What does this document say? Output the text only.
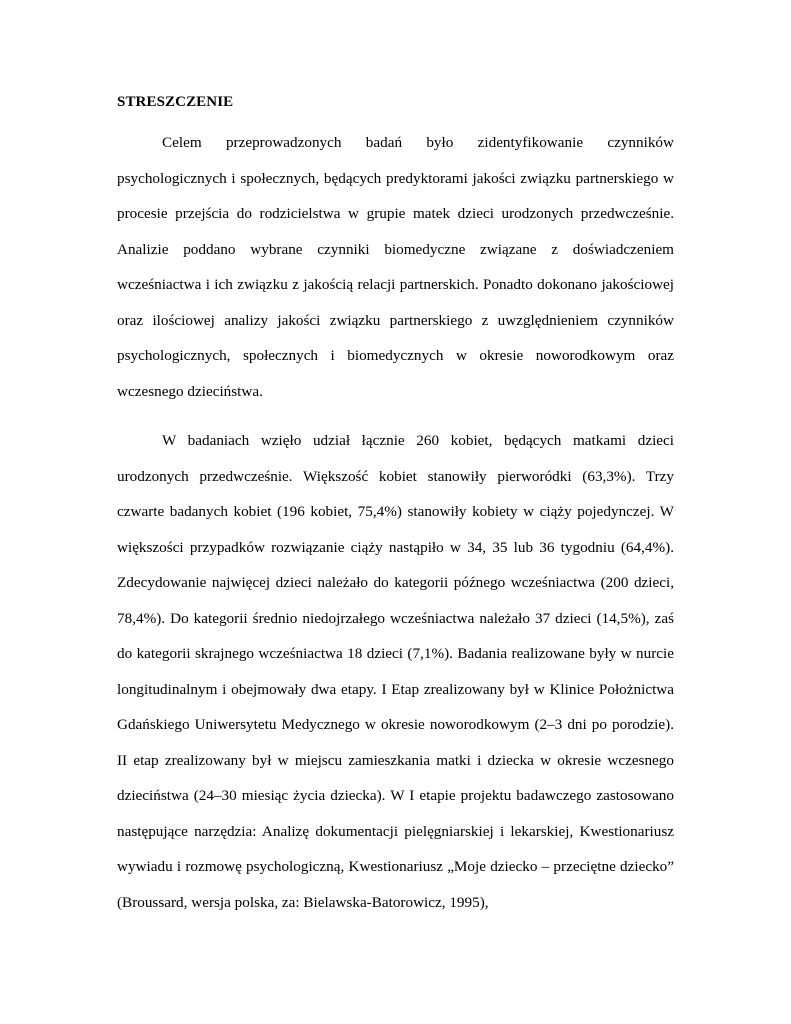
STRESZCZENIE

Celem przeprowadzonych badań było zidentyfikowanie czynników psychologicznych i społecznych, będących predyktorami jakości związku partnerskiego w procesie przejścia do rodzicielstwa w grupie matek dzieci urodzonych przedwcześnie. Analizie poddano wybrane czynniki biomedyczne związane z doświadczeniem wcześniactwa i ich związku z jakością relacji partnerskich. Ponadto dokonano jakościowej oraz ilościowej analizy jakości związku partnerskiego z uwzględnieniem czynników psychologicznych, społecznych i biomedycznych w okresie noworodkowym oraz wczesnego dzieciństwa.

W badaniach wzięło udział łącznie 260 kobiet, będących matkami dzieci urodzonych przedwcześnie. Większość kobiet stanowiły pierworódki (63,3%). Trzy czwarte badanych kobiet (196 kobiet, 75,4%) stanowiły kobiety w ciąży pojedynczej. W większości przypadków rozwiązanie ciąży nastąpiło w 34, 35 lub 36 tygodniu (64,4%). Zdecydowanie najwięcej dzieci należało do kategorii późnego wcześniactwa (200 dzieci, 78,4%). Do kategorii średnio niedojrzałego wcześniactwa należało 37 dzieci (14,5%), zaś do kategorii skrajnego wcześniactwa 18 dzieci (7,1%). Badania realizowane były w nurcie longitudinalnym i obejmowały dwa etapy. I Etap zrealizowany był w Klinice Położnictwa Gdańskiego Uniwersytetu Medycznego w okresie noworodkowym (2–3 dni po porodzie). II etap zrealizowany był w miejscu zamieszkania matki i dziecka w okresie wczesnego dzieciństwa (24–30 miesiąc życia dziecka). W I etapie projektu badawczego zastosowano następujące narzędzia: Analizę dokumentacji pielęgniarskiej i lekarskiej, Kwestionariusz wywiadu i rozmowę psychologiczną, Kwestionariusz „Moje dziecko – przeciętne dziecko” (Broussard, wersja polska, za: Bielawska-Batorowicz, 1995),
